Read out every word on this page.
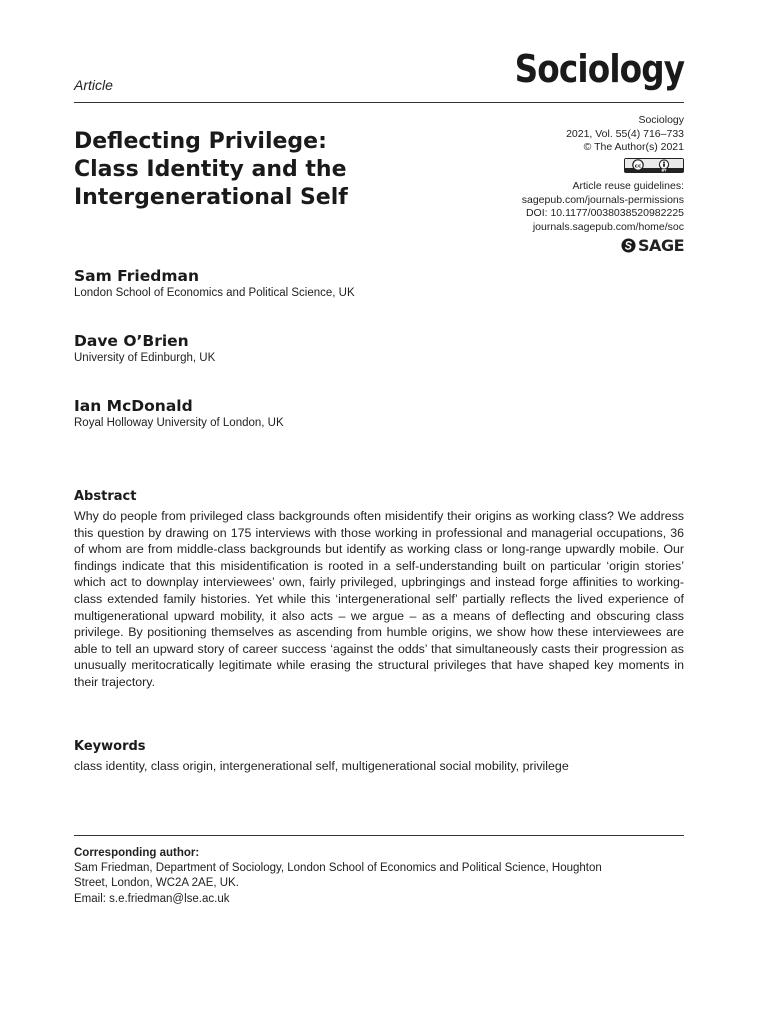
Article	Sociology
Deflecting Privilege:
Class Identity and the
Intergenerational Self
Sociology
2021, Vol. 55(4) 716–733
© The Author(s) 2021
cc
BY
Article reuse guidelines:
sagepub.com/journals-permissions
DOI: 10.1177/0038038520982225
journals.sagepub.com/home/soc
SAGE
Sam Friedman
London School of Economics and Political Science, UK
Dave O’Brien
University of Edinburgh, UK
Ian McDonald
Royal Holloway University of London, UK
Abstract

Why do people from privileged class backgrounds often misidentify their origins as working class? We address this question by drawing on 175 interviews with those working in professional and managerial occupations, 36 of whom are from middle-class backgrounds but identify as working class or long-range upwardly mobile. Our findings indicate that this misidentification is rooted in a self-understanding built on particular ‘origin stories’ which act to downplay interviewees’ own, fairly privileged, upbringings and instead forge affinities to working-class extended family histories. Yet while this ‘intergenerational self’ partially reflects the lived experience of multigenerational upward mobility, it also acts – we argue – as a means of deflecting and obscuring class privilege. By positioning themselves as ascending from humble origins, we show how these interviewees are able to tell an upward story of career success ‘against the odds’ that simultaneously casts their progression as unusually meritocratically legitimate while erasing the structural privileges that have shaped key moments in their trajectory.

Keywords
class identity, class origin, intergenerational self, multigenerational social mobility, privilege
Corresponding author:
Sam Friedman, Department of Sociology, London School of Economics and Political Science, Houghton
Street, London, WC2A 2AE, UK.
Email: s.e.friedman@lse.ac.uk
